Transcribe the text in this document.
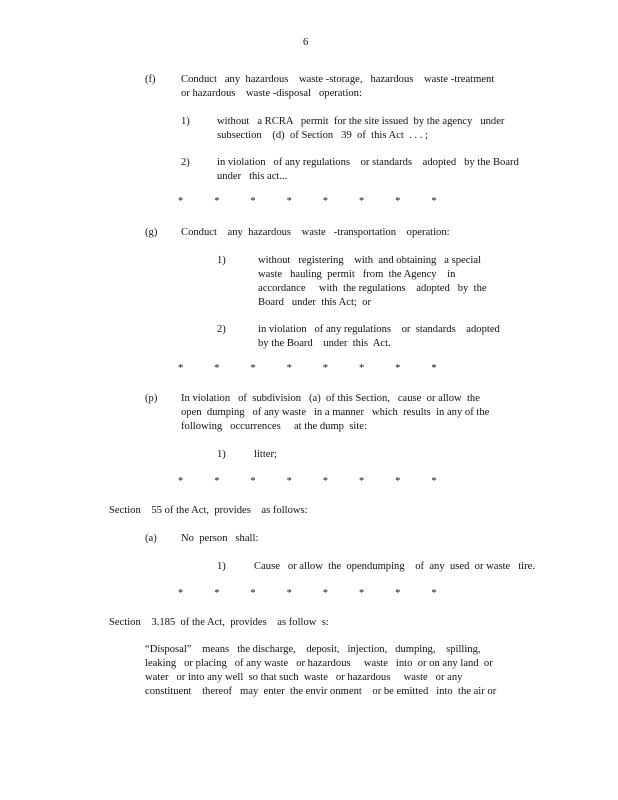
6
(f) Conduct   any  hazardous    waste -storage,   hazardous    waste -treatment
or hazardous    waste -disposal   operation:
1)	without   a RCRA   permit  for the site issued  by the agency   under
subsection    (d)  of Section   39  of  this Act  . . . ;
2)	in violation   of any regulations    or standards    adopted   by the Board
under   this act...
*	*	*	*	*	*	*	*
(g) Conduct    any  hazardous    waste   -transportation    operation:
1)	without   registering    with  and obtaining   a special
waste   hauling  permit   from  the Agency    in
accordance     with  the regulations    adopted   by  the
Board   under  this Act;  or
2)	in violation   of any regulations    or  standards    adopted
by the Board    under  this  Act.
*	*	*	*	*	*	*	*
(p) In violation   of  subdivision   (a)  of this Section,   cause  or allow  the
open  dumping   of any waste   in a manner   which  results  in any of the
following   occurrences     at the dump  site:
1)	litter;
*	*	*	*	*	*	*	*
Section    55 of the Act,  provides    as follows:
(a) No  person   shall:
1)	Cause   or allow  the  opendumping    of  any  used  or waste   tire.
*	*	*	*	*	*	*	*
Section    3.185  of the Act,  provides    as follow  s:
“Disposal”    means   the discharge,    deposit,   injection,   dumping,    spilling,
leaking   or placing   of any waste   or hazardous     waste   into  or on any land  or
water   or into any well  so that such  waste   or hazardous     waste   or any
constituent    thereof   may  enter  the envir onment    or be emitted   into  the air or
